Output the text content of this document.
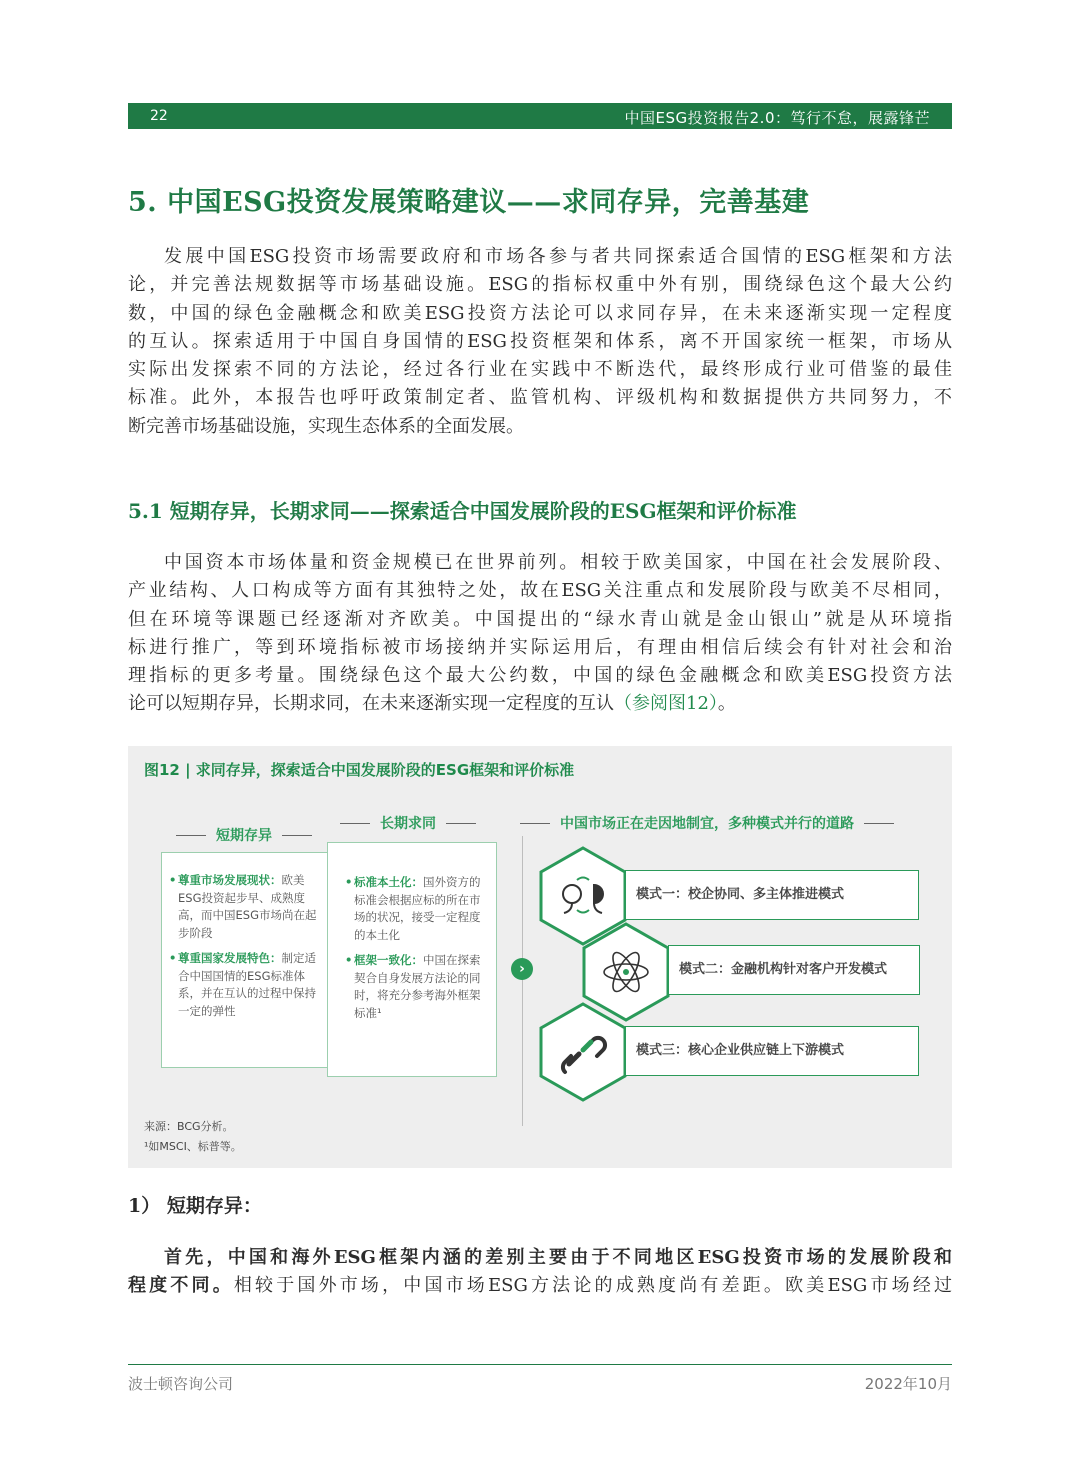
22	中国ESG投资报告2.0：笃行不怠，展露锋芒
5. 中国ESG投资发展策略建议——求同存异，完善基建
发展中国ESG投资市场需要政府和市场各参与者共同探索适合国情的ESG框架和方法
论，并完善法规数据等市场基础设施。ESG的指标权重中外有别，围绕绿色这个最大公约
数，中国的绿色金融概念和欧美ESG投资方法论可以求同存异，在未来逐渐实现一定程度
的互认。探索适用于中国自身国情的ESG投资框架和体系，离不开国家统一框架，市场从
实际出发探索不同的方法论，经过各行业在实践中不断迭代，最终形成行业可借鉴的最佳
标准。此外，本报告也呼吁政策制定者、监管机构、评级机构和数据提供方共同努力，不
断完善市场基础设施，实现生态体系的全面发展。
5.1 短期存异，长期求同——探索适合中国发展阶段的ESG框架和评价标准
中国资本市场体量和资金规模已在世界前列。相较于欧美国家，中国在社会发展阶段、
产业结构、人口构成等方面有其独特之处，故在ESG关注重点和发展阶段与欧美不尽相同，
但在环境等课题已经逐渐对齐欧美。中国提出的“绿水青山就是金山银山”就是从环境指
标进行推广，等到环境指标被市场接纳并实际运用后，有理由相信后续会有针对社会和治
理指标的更多考量。围绕绿色这个最大公约数，中国的绿色金融概念和欧美ESG投资方法
论可以短期存异，长期求同，在未来逐渐实现一定程度的互认（参阅图12）。
图12 | 求同存异，探索适合中国发展阶段的ESG框架和评价标准
短期存异
长期求同	中国市场正在走因地制宜，多种模式并行的道路
• 尊重市场发展现状：欧美ESG投资起步早、成熟度高，而中国ESG市场尚在起步阶段
• 尊重国家发展特色：制定适合中国国情的ESG标准体系，并在互认的过程中保持一定的弹性
• 标准本土化：国外资方的标准会根据应标的所在市场的状况，接受一定程度的本土化
• 框架一致化：中国在探索契合自身发展方法论的同时，将充分参考海外框架标准¹
›
模式一：校企协同、多主体推进模式
模式二：金融机构针对客户开发模式
模式三：核心企业供应链上下游模式
来源：BCG分析。
¹如MSCI、标普等。
1） 短期存异：
首先，中国和海外ESG框架内涵的差别主要由于不同地区ESG投资市场的发展阶段和
程度不同。相较于国外市场，中国市场ESG方法论的成熟度尚有差距。欧美ESG市场经过
波士顿咨询公司	2022年10月
